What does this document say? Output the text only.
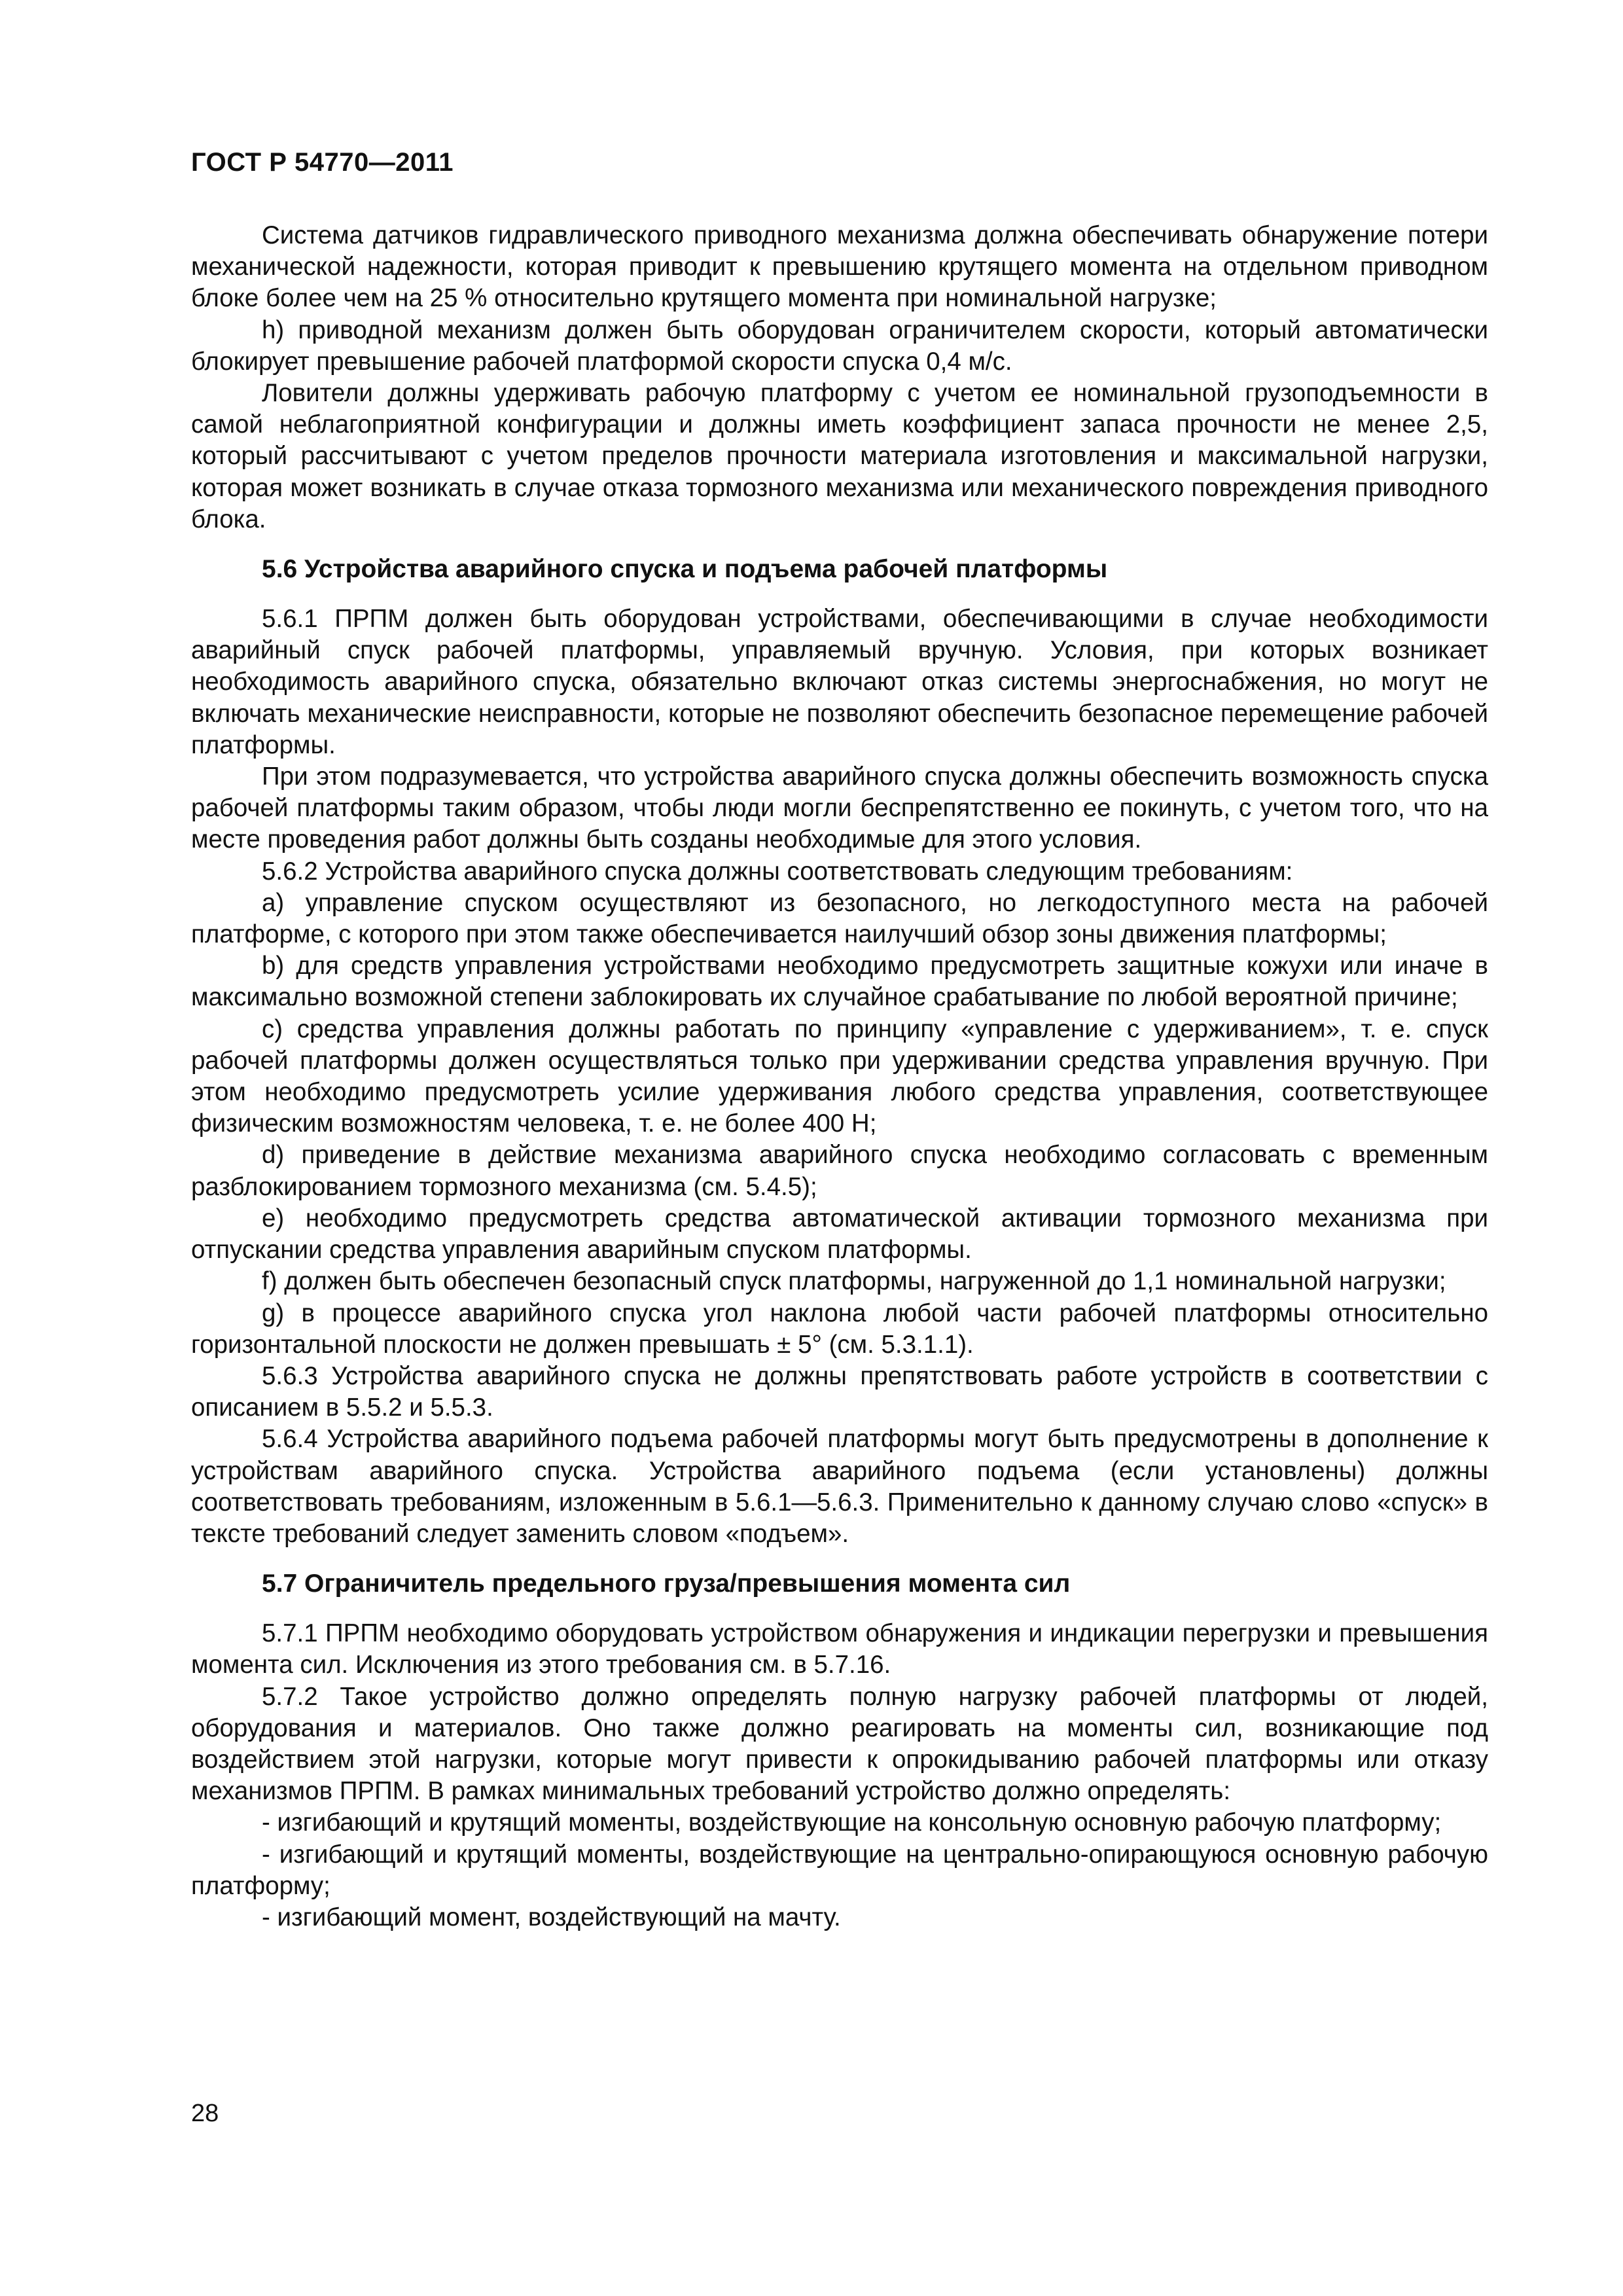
ГОСТ Р 54770—2011

Система датчиков гидравлического приводного механизма должна обеспечивать обнаружение потери механической надежности, которая приводит к превышению крутящего момента на отдельном приводном блоке более чем на 25 % относительно крутящего момента при номинальной нагрузке;

h) приводной механизм должен быть оборудован ограничителем скорости, который автоматически блокирует превышение рабочей платформой скорости спуска 0,4 м/с.

Ловители должны удерживать рабочую платформу с учетом ее номинальной грузоподъемности в самой неблагоприятной конфигурации и должны иметь коэффициент запаса прочности не менее 2,5, который рассчитывают с учетом пределов прочности материала изготовления и максимальной нагрузки, которая может возникать в случае отказа тормозного механизма или механического повреждения приводного блока.

5.6 Устройства аварийного спуска и подъема рабочей платформы

5.6.1 ПРПМ должен быть оборудован устройствами, обеспечивающими в случае необходимости аварийный спуск рабочей платформы, управляемый вручную. Условия, при которых возникает необходимость аварийного спуска, обязательно включают отказ системы энергоснабжения, но могут не включать механические неисправности, которые не позволяют обеспечить безопасное перемещение рабочей платформы.

При этом подразумевается, что устройства аварийного спуска должны обеспечить возможность спуска рабочей платформы таким образом, чтобы люди могли беспрепятственно ее покинуть, с учетом того, что на месте проведения работ должны быть созданы необходимые для этого условия.

5.6.2 Устройства аварийного спуска должны соответствовать следующим требованиям:

a) управление спуском осуществляют из безопасного, но легкодоступного места на рабочей платформе, с которого при этом также обеспечивается наилучший обзор зоны движения платформы;

b) для средств управления устройствами необходимо предусмотреть защитные кожухи или иначе в максимально возможной степени заблокировать их случайное срабатывание по любой вероятной причине;

c) средства управления должны работать по принципу «управление с удерживанием», т. е. спуск рабочей платформы должен осуществляться только при удерживании средства управления вручную. При этом необходимо предусмотреть усилие удерживания любого средства управления, соответствующее физическим возможностям человека, т. е. не более 400 Н;

d) приведение в действие механизма аварийного спуска необходимо согласовать с временным разблокированием тормозного механизма (см. 5.4.5);

e) необходимо предусмотреть средства автоматической активации тормозного механизма при отпускании средства управления аварийным спуском платформы.

f) должен быть обеспечен безопасный спуск платформы, нагруженной до 1,1 номинальной нагрузки;

g) в процессе аварийного спуска угол наклона любой части рабочей платформы относительно горизонтальной плоскости не должен превышать ± 5° (см. 5.3.1.1).

5.6.3 Устройства аварийного спуска не должны препятствовать работе устройств в соответствии с описанием в 5.5.2 и 5.5.3.

5.6.4 Устройства аварийного подъема рабочей платформы могут быть предусмотрены в дополнение к устройствам аварийного спуска. Устройства аварийного подъема (если установлены) должны соответствовать требованиям, изложенным в 5.6.1—5.6.3. Применительно к данному случаю слово «спуск» в тексте требований следует заменить словом «подъем».

5.7 Ограничитель предельного груза/превышения момента сил

5.7.1 ПРПМ необходимо оборудовать устройством обнаружения и индикации перегрузки и превышения момента сил. Исключения из этого требования см. в 5.7.16.

5.7.2 Такое устройство должно определять полную нагрузку рабочей платформы от людей, оборудования и материалов. Оно также должно реагировать на моменты сил, возникающие под воздействием этой нагрузки, которые могут привести к опрокидыванию рабочей платформы или отказу механизмов ПРПМ. В рамках минимальных требований устройство должно определять:

- изгибающий и крутящий моменты, воздействующие на консольную основную рабочую платформу;

- изгибающий и крутящий моменты, воздействующие на центрально-опирающуюся основную рабочую платформу;

- изгибающий момент, воздействующий на мачту.

28
